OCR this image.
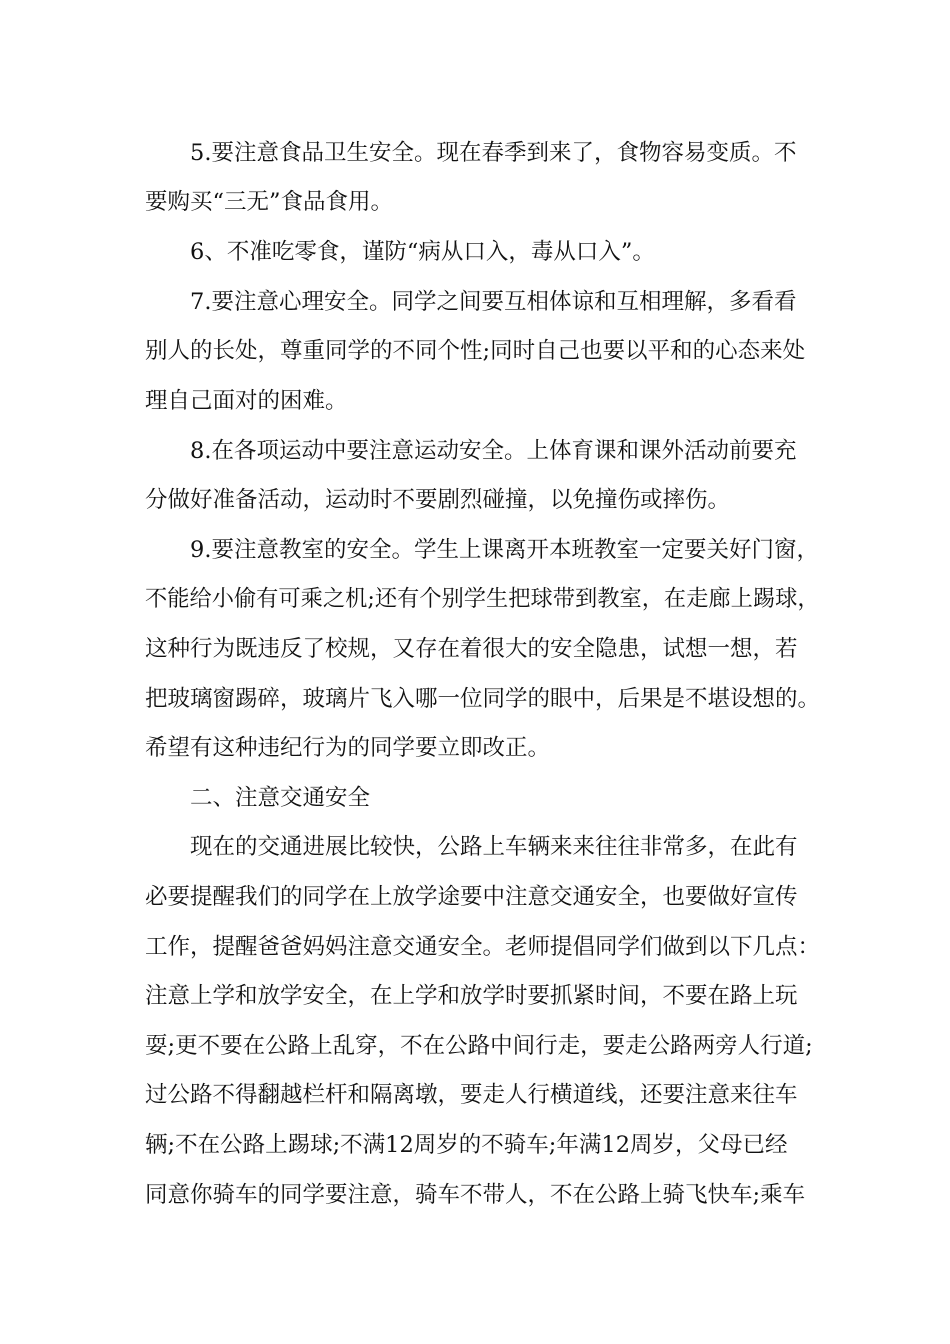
5.要注意食品卫生安全。现在春季到来了，食物容易变质。不
要购买“三无”食品食用。
6、不准吃零食，谨防“病从口入，毒从口入”。
7.要注意心理安全。同学之间要互相体谅和互相理解，多看看
别人的长处，尊重同学的不同个性;同时自己也要以平和的心态来处
理自己面对的困难。
8.在各项运动中要注意运动安全。上体育课和课外活动前要充
分做好准备活动，运动时不要剧烈碰撞，以免撞伤或摔伤。
9.要注意教室的安全。学生上课离开本班教室一定要关好门窗，
不能给小偷有可乘之机;还有个别学生把球带到教室，在走廊上踢球，
这种行为既违反了校规，又存在着很大的安全隐患，试想一想，若
把玻璃窗踢碎，玻璃片飞入哪一位同学的眼中，后果是不堪设想的。
希望有这种违纪行为的同学要立即改正。
二、注意交通安全
现在的交通进展比较快，公路上车辆来来往往非常多，在此有
必要提醒我们的同学在上放学途要中注意交通安全，也要做好宣传
工作，提醒爸爸妈妈注意交通安全。老师提倡同学们做到以下几点：
注意上学和放学安全，在上学和放学时要抓紧时间，不要在路上玩
耍;更不要在公路上乱穿，不在公路中间行走，要走公路两旁人行道;
过公路不得翻越栏杆和隔离墩，要走人行横道线，还要注意来往车
辆;不在公路上踢球;不满12周岁的不骑车;年满12周岁，父母已经
同意你骑车的同学要注意，骑车不带人，不在公路上骑飞快车;乘车
